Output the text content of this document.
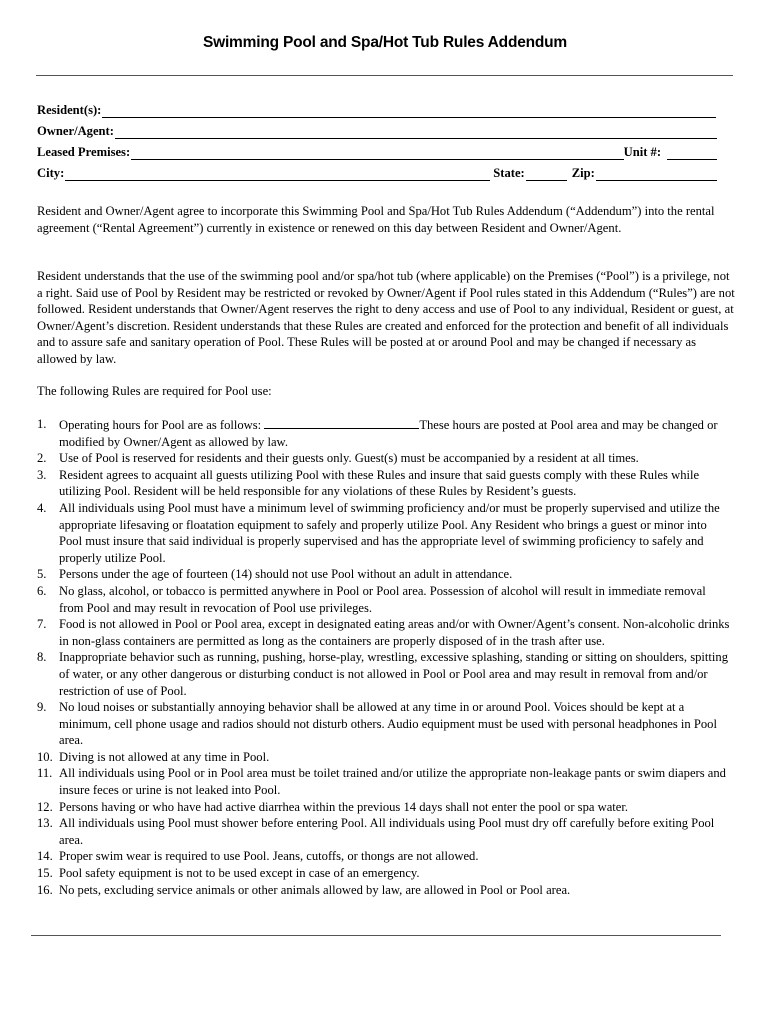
Swimming Pool and Spa/Hot Tub Rules Addendum
Resident(s):
Owner/Agent:
Leased Premises:	Unit #:
City:	State:	Zip:

Resident and Owner/Agent agree to incorporate this Swimming Pool and Spa/Hot Tub Rules Addendum (“Addendum”) into the rental agreement (“Rental Agreement”) currently in existence or renewed on this day between Resident and Owner/Agent.

Resident understands that the use of the swimming pool and/or spa/hot tub (where applicable) on the Premises (“Pool”) is a privilege, not a right. Said use of Pool by Resident may be restricted or revoked by Owner/Agent if Pool rules stated in this Addendum (“Rules”) are not followed. Resident understands that Owner/Agent reserves the right to deny access and use of Pool to any individual, Resident or guest, at Owner/Agent’s discretion. Resident understands that these Rules are created and enforced for the protection and benefit of all individuals and to assure safe and sanitary operation of Pool. These Rules will be posted at or around Pool and may be changed if necessary as allowed by law.

The following Rules are required for Pool use:

1. Operating hours for Pool are as follows:	These hours are posted at Pool area and may be changed or modified by Owner/Agent as allowed by law.
2. Use of Pool is reserved for residents and their guests only. Guest(s) must be accompanied by a resident at all times.
3. Resident agrees to acquaint all guests utilizing Pool with these Rules and insure that said guests comply with these Rules while utilizing Pool. Resident will be held responsible for any violations of these Rules by Resident’s guests.
4. All individuals using Pool must have a minimum level of swimming proficiency and/or must be properly supervised and utilize the appropriate lifesaving or floatation equipment to safely and properly utilize Pool. Any Resident who brings a guest or minor into Pool must insure that said individual is properly supervised and has the appropriate level of swimming proficiency to safely and properly utilize Pool.
5. Persons under the age of fourteen (14) should not use Pool without an adult in attendance.
6. No glass, alcohol, or tobacco is permitted anywhere in Pool or Pool area. Possession of alcohol will result in immediate removal from Pool and may result in revocation of Pool use privileges.
7. Food is not allowed in Pool or Pool area, except in designated eating areas and/or with Owner/Agent’s consent. Non-alcoholic drinks in non-glass containers are permitted as long as the containers are properly disposed of in the trash after use.
8. Inappropriate behavior such as running, pushing, horse-play, wrestling, excessive splashing, standing or sitting on shoulders, spitting of water, or any other dangerous or disturbing conduct is not allowed in Pool or Pool area and may result in removal from and/or restriction of use of Pool.
9. No loud noises or substantially annoying behavior shall be allowed at any time in or around Pool. Voices should be kept at a minimum, cell phone usage and radios should not disturb others. Audio equipment must be used with personal headphones in Pool area.
10. Diving is not allowed at any time in Pool.
11. All individuals using Pool or in Pool area must be toilet trained and/or utilize the appropriate non-leakage pants or swim diapers and insure feces or urine is not leaked into Pool.
12. Persons having or who have had active diarrhea within the previous 14 days shall not enter the pool or spa water.
13. All individuals using Pool must shower before entering Pool. All individuals using Pool must dry off carefully before exiting Pool area.
14. Proper swim wear is required to use Pool. Jeans, cutoffs, or thongs are not allowed.
15. Pool safety equipment is not to be used except in case of an emergency.
16. No pets, excluding service animals or other animals allowed by law, are allowed in Pool or Pool area.
